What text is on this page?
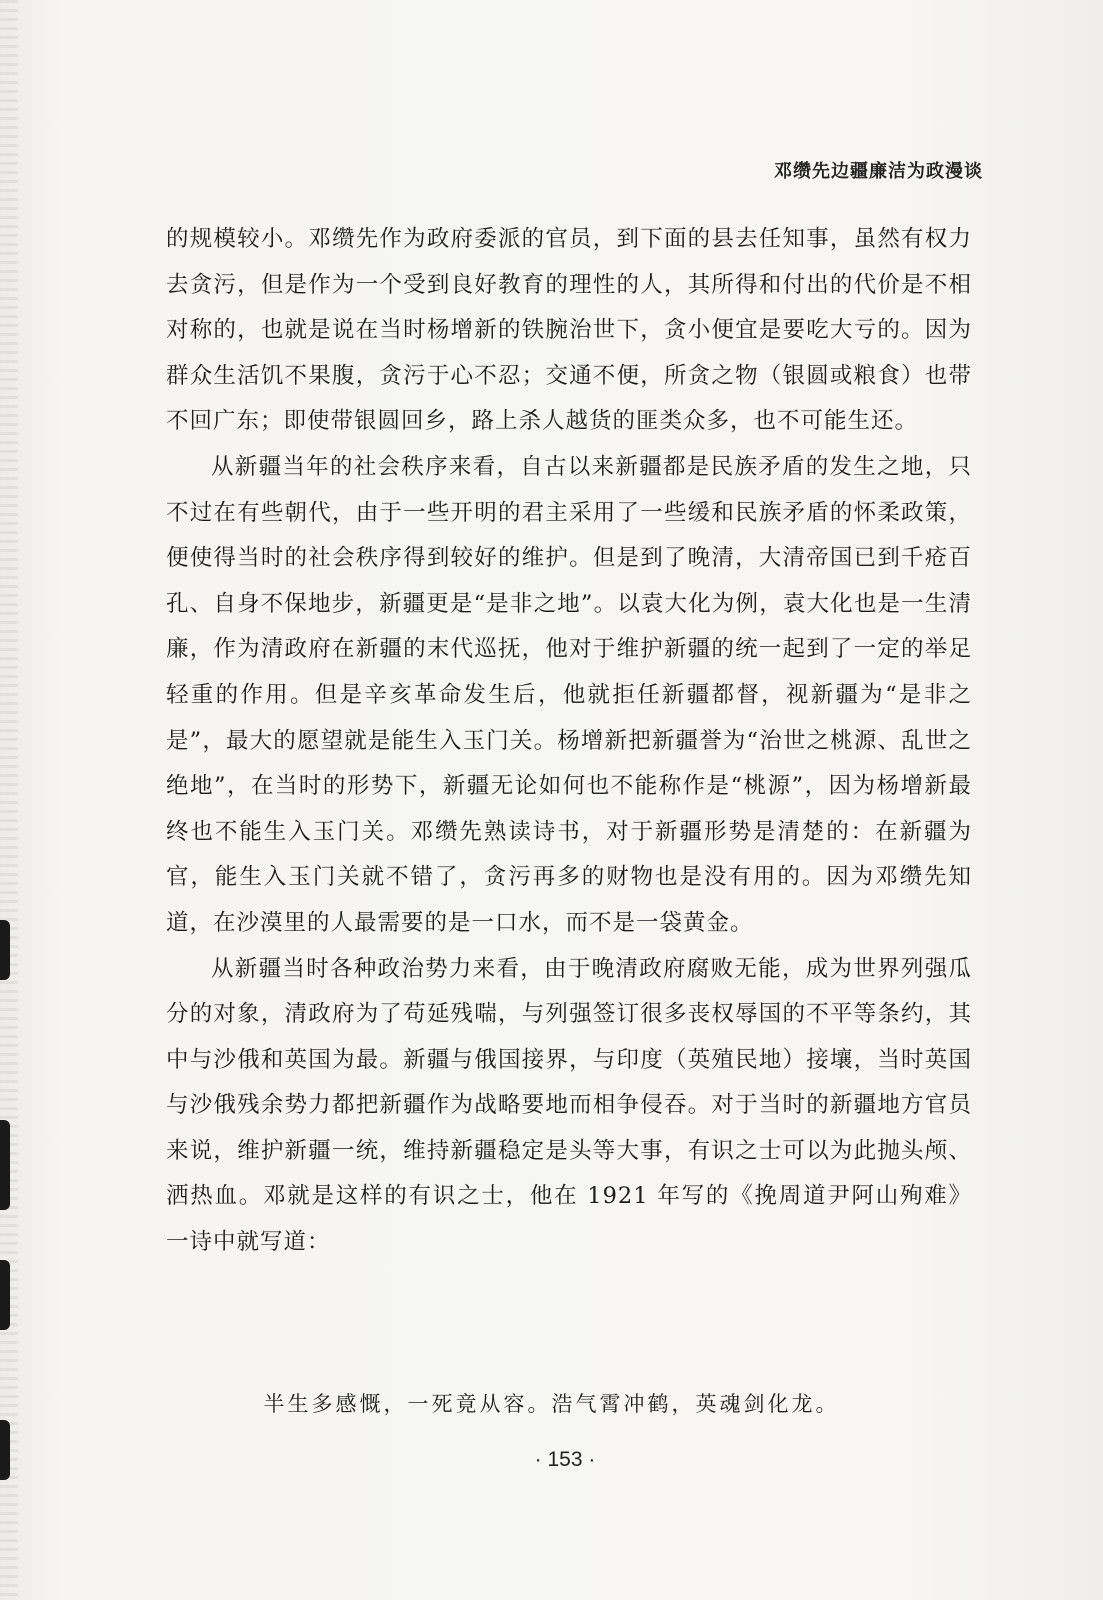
邓缵先边疆廉洁为政漫谈

的规模较小。邓缵先作为政府委派的官员，到下面的县去任知事，虽然有权力去贪污，但是作为一个受到良好教育的理性的人，其所得和付出的代价是不相对称的，也就是说在当时杨增新的铁腕治世下，贪小便宜是要吃大亏的。因为群众生活饥不果腹，贪污于心不忍；交通不便，所贪之物（银圆或粮食）也带不回广东；即使带银圆回乡，路上杀人越货的匪类众多，也不可能生还。

从新疆当年的社会秩序来看，自古以来新疆都是民族矛盾的发生之地，只不过在有些朝代，由于一些开明的君主采用了一些缓和民族矛盾的怀柔政策，便使得当时的社会秩序得到较好的维护。但是到了晚清，大清帝国已到千疮百孔、自身不保地步，新疆更是“是非之地”。以袁大化为例，袁大化也是一生清廉，作为清政府在新疆的末代巡抚，他对于维护新疆的统一起到了一定的举足轻重的作用。但是辛亥革命发生后，他就拒任新疆都督，视新疆为“是非之是”，最大的愿望就是能生入玉门关。杨增新把新疆誉为“治世之桃源、乱世之绝地”，在当时的形势下，新疆无论如何也不能称作是“桃源”，因为杨增新最终也不能生入玉门关。邓缵先熟读诗书，对于新疆形势是清楚的：在新疆为官，能生入玉门关就不错了，贪污再多的财物也是没有用的。因为邓缵先知道，在沙漠里的人最需要的是一口水，而不是一袋黄金。

从新疆当时各种政治势力来看，由于晚清政府腐败无能，成为世界列强瓜分的对象，清政府为了苟延残喘，与列强签订很多丧权辱国的不平等条约，其中与沙俄和英国为最。新疆与俄国接界，与印度（英殖民地）接壤，当时英国与沙俄残余势力都把新疆作为战略要地而相争侵吞。对于当时的新疆地方官员来说，维护新疆一统，维持新疆稳定是头等大事，有识之士可以为此抛头颅、洒热血。邓就是这样的有识之士，他在 1921 年写的《挽周道尹阿山殉难》一诗中就写道：

半生多感慨，一死竟从容。浩气霄冲鹤，英魂剑化龙。
· 153 ·
